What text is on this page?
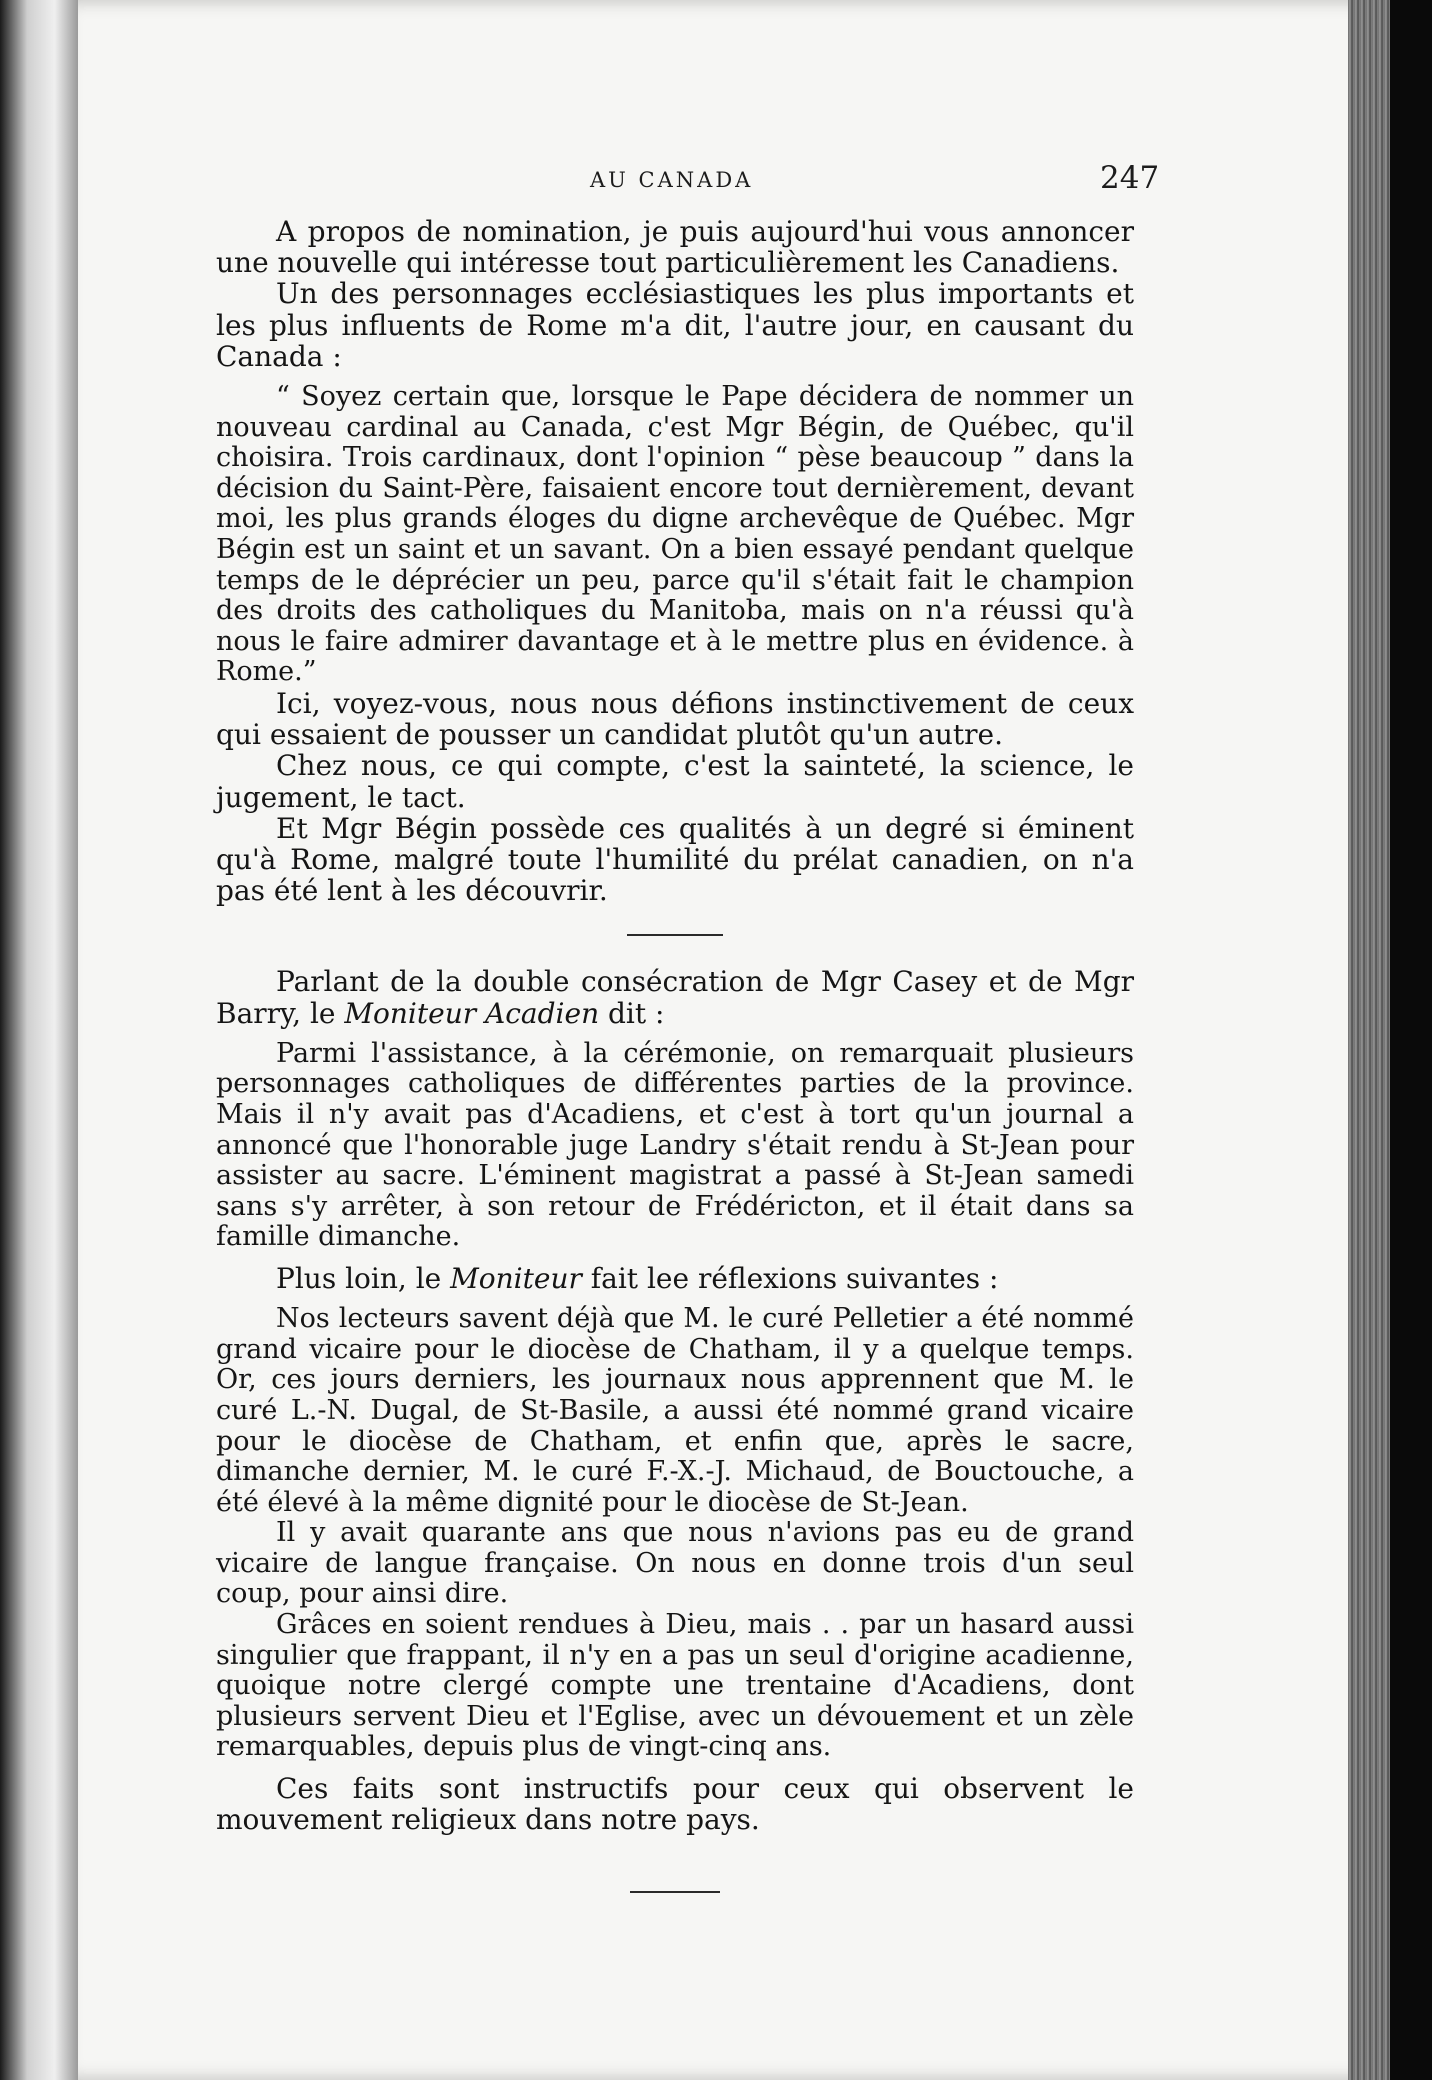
AU CANADA	247

A propos de nomination, je puis aujourd'hui vous annoncer une nouvelle qui intéresse tout particulièrement les Canadiens.

Un des personnages ecclésiastiques les plus importants et les plus influents de Rome m'a dit, l'autre jour, en causant du Canada :

“ Soyez certain que, lorsque le Pape décidera de nommer un nouveau cardinal au Canada, c'est Mgr Bégin, de Québec, qu'il choisira. Trois cardinaux, dont l'opinion “ pèse beaucoup ” dans la décision du Saint-Père, faisaient encore tout dernièrement, devant moi, les plus grands éloges du digne archevêque de Québec. Mgr Bégin est un saint et un savant. On a bien essayé pendant quelque temps de le déprécier un peu, parce qu'il s'était fait le champion des droits des catholiques du Manitoba, mais on n'a réussi qu'à nous le faire admirer davantage et à le mettre plus en évidence. à Rome.”

Ici, voyez-vous, nous nous défions instinctivement de ceux qui essaient de pousser un candidat plutôt qu'un autre.

Chez nous, ce qui compte, c'est la sainteté, la science, le jugement, le tact.

Et Mgr Bégin possède ces qualités à un degré si éminent qu'à Rome, malgré toute l'humilité du prélat canadien, on n'a pas été lent à les découvrir.

Parlant de la double consécration de Mgr Casey et de Mgr Barry, le Moniteur Acadien dit :

Parmi l'assistance, à la cérémonie, on remarquait plusieurs personnages catholiques de différentes parties de la province. Mais il n'y avait pas d'Acadiens, et c'est à tort qu'un journal a annoncé que l'honorable juge Landry s'était rendu à St-Jean pour assister au sacre. L'éminent magistrat a passé à St-Jean samedi sans s'y arrêter, à son retour de Frédéricton, et il était dans sa famille dimanche.

Plus loin, le Moniteur fait lee réflexions suivantes :

Nos lecteurs savent déjà que M. le curé Pelletier a été nommé grand vicaire pour le diocèse de Chatham, il y a quelque temps. Or, ces jours derniers, les journaux nous apprennent que M. le curé L.-N. Dugal, de St-Basile, a aussi été nommé grand vicaire pour le diocèse de Chatham, et enfin que, après le sacre, dimanche dernier, M. le curé F.-X.-J. Michaud, de Bouctouche, a été élevé à la même dignité pour le diocèse de St-Jean.

Il y avait quarante ans que nous n'avions pas eu de grand vicaire de langue française. On nous en donne trois d'un seul coup, pour ainsi dire.

Grâces en soient rendues à Dieu, mais . . par un hasard aussi singulier que frappant, il n'y en a pas un seul d'origine acadienne, quoique notre clergé compte une trentaine d'Acadiens, dont plusieurs servent Dieu et l'Eglise, avec un dévouement et un zèle remarquables, depuis plus de vingt-cinq ans.

Ces faits sont instructifs pour ceux qui observent le mouvement religieux dans notre pays.
